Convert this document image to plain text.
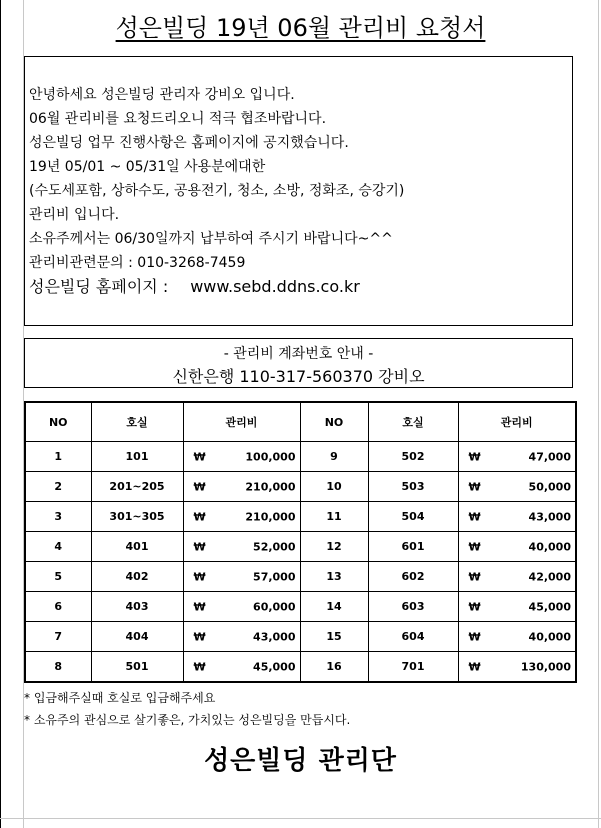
성은빌딩 19년 06월 관리비 요청서
안녕하세요 성은빌딩 관리자 강비오 입니다.
06월 관리비를 요청드리오니 적극 협조바랍니다.
성은빌딩 업무 진행사항은 홈페이지에 공지했습니다.
19년 05/01 ~ 05/31일 사용분에대한
(수도세포함, 상하수도, 공용전기, 청소, 소방, 정화조, 승강기)
관리비 입니다.
소유주께서는 06/30일까지 납부하여 주시기 바랍니다~^^
관리비관련문의 : 010-3268-7459
성은빌딩 홈페이지 : www.sebd.ddns.co.kr
- 관리비 계좌번호 안내 -
신한은행 110-317-560370 강비오
NO	호실	관리비	NO	호실	관리비
1	101	₩ 100,000	9	502	₩ 47,000

2	201~205	₩ 210,000	10	503	₩ 50,000

3	301~305	₩ 210,000	11	504	₩ 43,000

4	401	₩ 52,000	12	601	₩ 40,000

5	402	₩ 57,000	13	602	₩ 42,000

6	403	₩ 60,000	14	603	₩ 45,000

7	404	₩ 43,000	15	604	₩ 40,000

8	501	₩ 45,000	16	701	₩ 130,000
* 입금해주실때 호실로 입금해주세요
* 소유주의 관심으로 살기좋은, 가치있는 성은빌딩을 만듭시다.
성은빌딩 관리단
